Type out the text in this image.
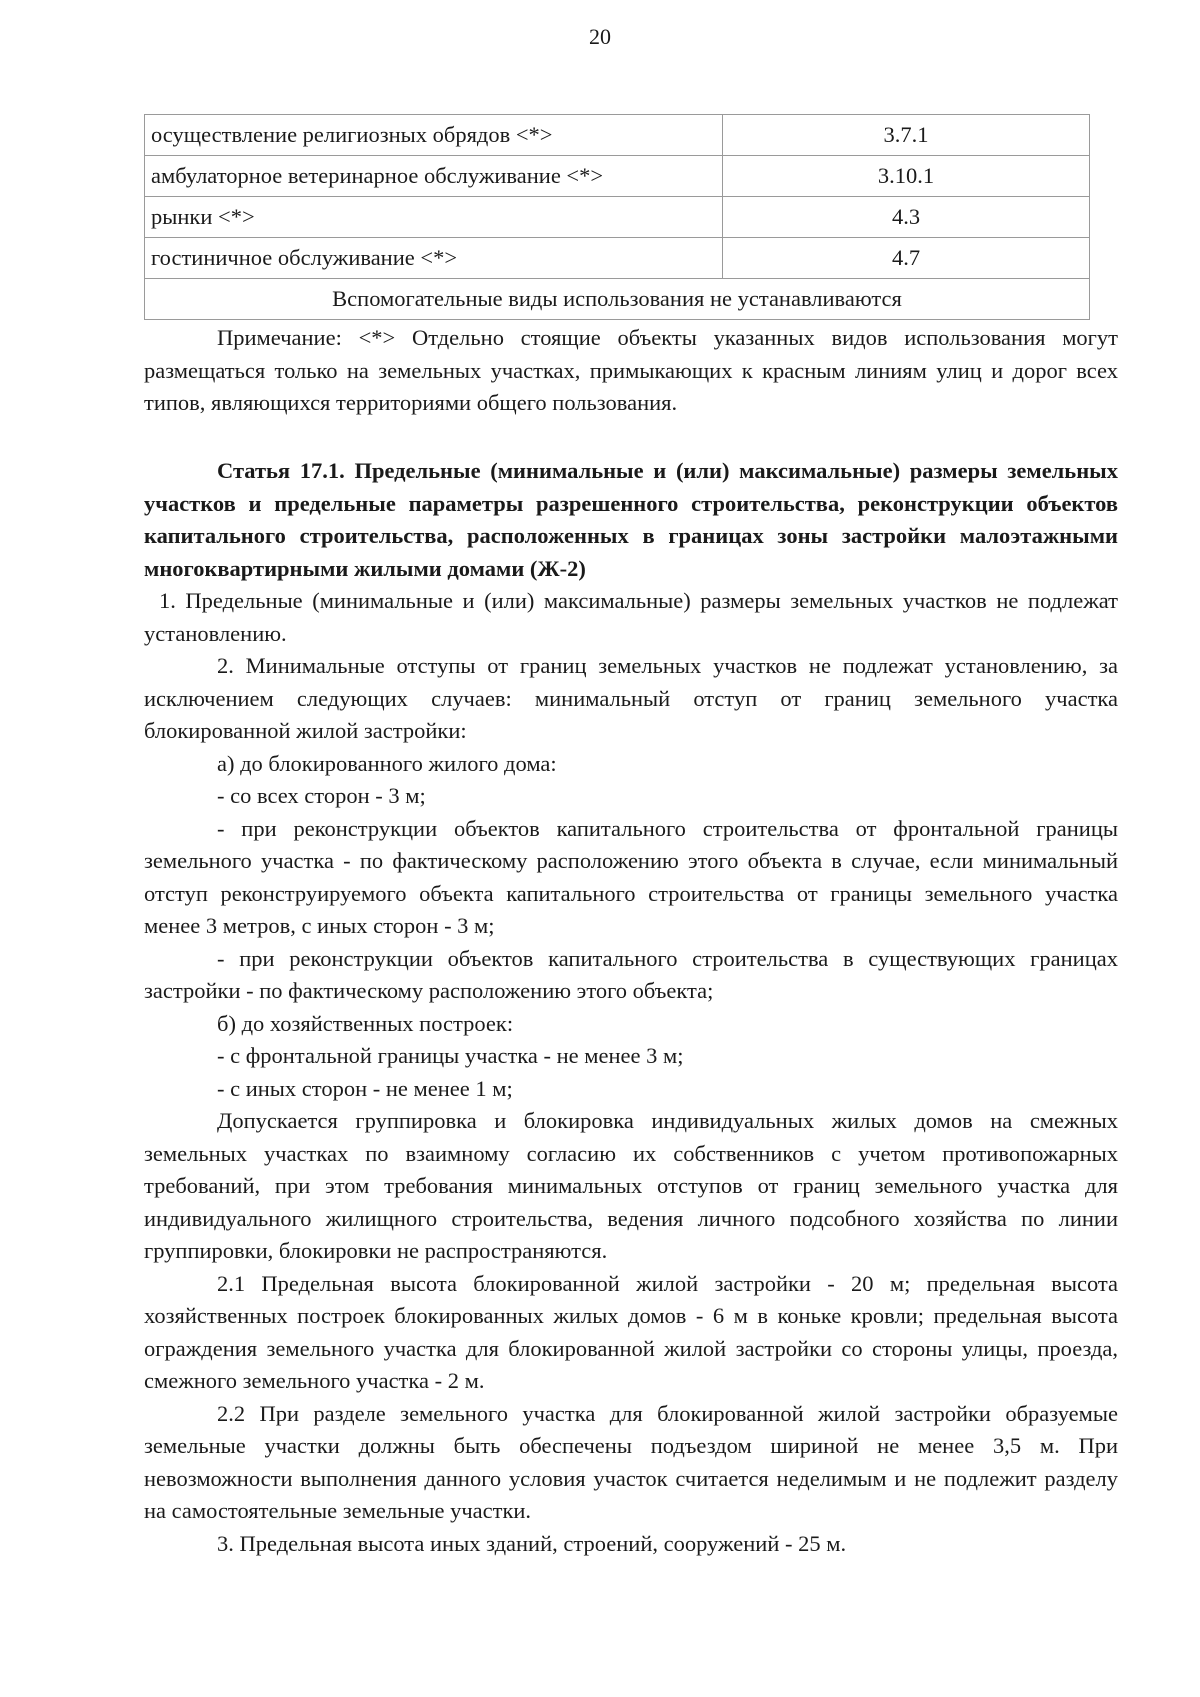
20
осуществление религиозных обрядов <*>	3.7.1
амбулаторное ветеринарное обслуживание <*>	3.10.1
рынки <*>	4.3
гостиничное обслуживание <*>	4.7
Вспомогательные виды использования не устанавливаются	

Примечание: <*> Отдельно стоящие объекты указанных видов использования могут размещаться только на земельных участках, примыкающих к красным линиям улиц и дорог всех типов, являющихся территориями общего пользования.

Статья 17.1. Предельные (минимальные и (или) максимальные) размеры земельных участков и предельные параметры разрешенного строительства, реконструкции объектов капитального строительства, расположенных в границах зоны застройки малоэтажными многоквартирными жилыми домами (Ж-2)

1. Предельные (минимальные и (или) максимальные) размеры земельных участков не подлежат установлению.

2. Минимальные отступы от границ земельных участков не подлежат установлению, за исключением следующих случаев: минимальный отступ от границ земельного участка блокированной жилой застройки:

а) до блокированного жилого дома:

- со всех сторон - 3 м;

- при реконструкции объектов капитального строительства от фронтальной границы земельного участка - по фактическому расположению этого объекта в случае, если минимальный отступ реконструируемого объекта капитального строительства от границы земельного участка менее 3 метров, с иных сторон - 3 м;

- при реконструкции объектов капитального строительства в существующих границах застройки - по фактическому расположению этого объекта;

б) до хозяйственных построек:

- с фронтальной границы участка - не менее 3 м;

- с иных сторон - не менее 1 м;

Допускается группировка и блокировка индивидуальных жилых домов на смежных земельных участках по взаимному согласию их собственников с учетом противопожарных требований, при этом требования минимальных отступов от границ земельного участка для индивидуального жилищного строительства, ведения личного подсобного хозяйства по линии группировки, блокировки не распространяются.

2.1 Предельная высота блокированной жилой застройки - 20 м; предельная высота хозяйственных построек блокированных жилых домов - 6 м в коньке кровли; предельная высота ограждения земельного участка для блокированной жилой застройки со стороны улицы, проезда, смежного земельного участка - 2 м.

2.2 При разделе земельного участка для блокированной жилой застройки образуемые земельные участки должны быть обеспечены подъездом шириной не менее 3,5 м. При невозможности выполнения данного условия участок считается неделимым и не подлежит разделу на самостоятельные земельные участки.

3. Предельная высота иных зданий, строений, сооружений - 25 м.
